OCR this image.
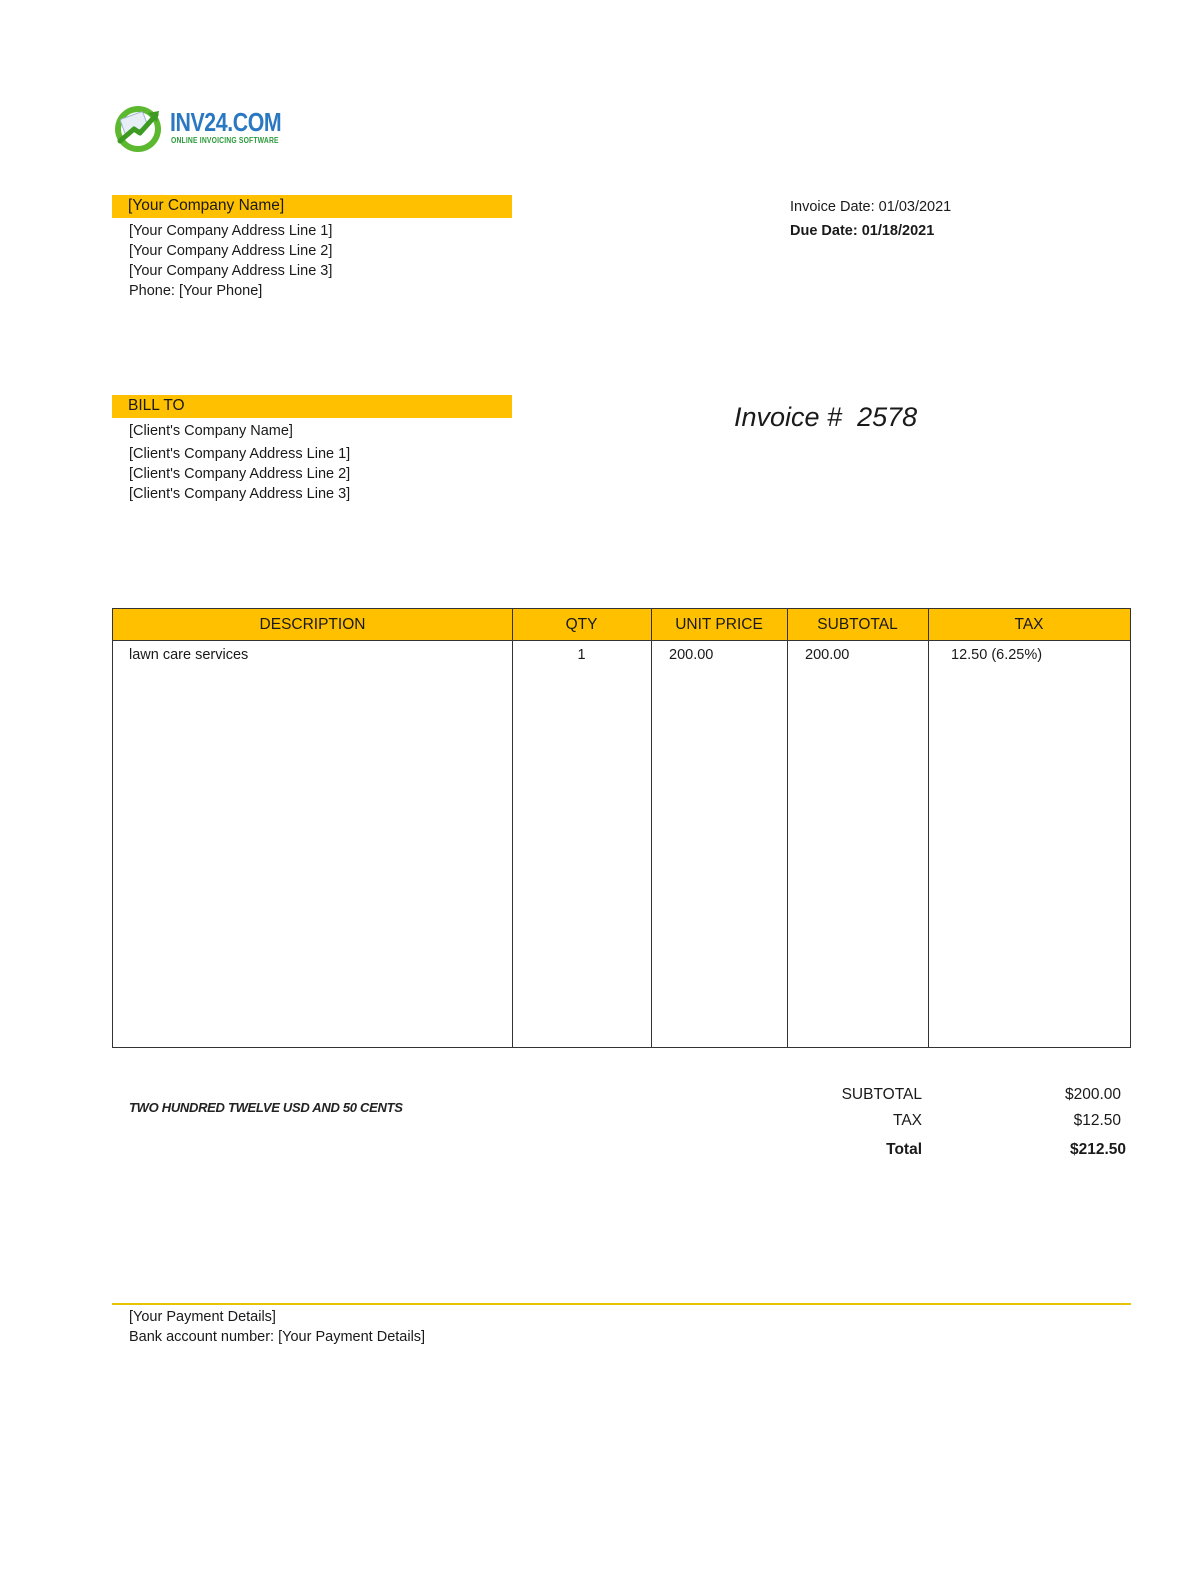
INV24.COM
ONLINE INVOICING SOFTWARE
[Your Company Name]
[Your Company Address Line 1]
[Your Company Address Line 2]
[Your Company Address Line 3]
Phone: [Your Phone]
Invoice Date: 01/03/2021
Due Date: 01/18/2021
BILL TO
[Client's Company Name]
[Client's Company Address Line 1]
[Client's Company Address Line 2]
[Client's Company Address Line 3]
Invoice #  2578
DESCRIPTION	QTY	UNIT PRICE	SUBTOTAL	TAX
lawn care services	1	200.00	200.00	12.50 (6.25%)
TWO HUNDRED TWELVE USD AND 50 CENTS
SUBTOTAL	$200.00
TAX	$12.50
Total	$212.50
[Your Payment Details]
Bank account number: [Your Payment Details]
